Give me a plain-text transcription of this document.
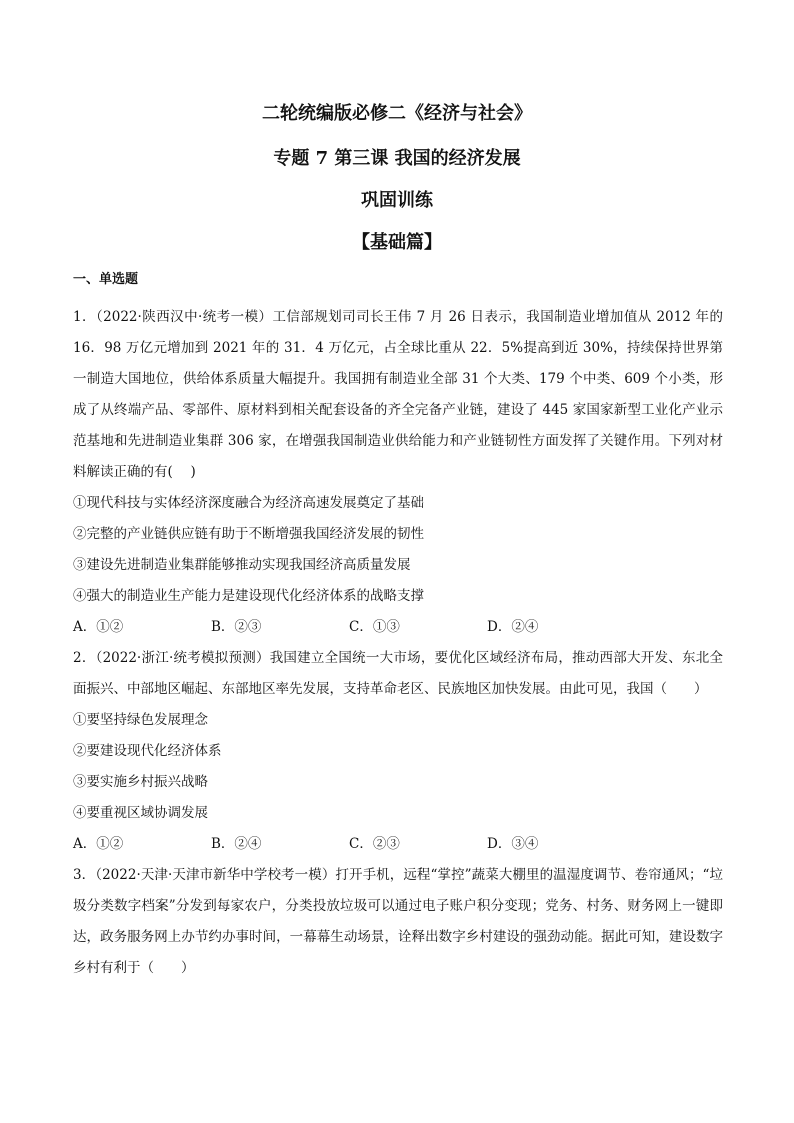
二轮统编版必修二《经济与社会》
专题 7 第三课 我国的经济发展
巩固训练
【基础篇】

一、单选题

1．（2022·陕西汉中·统考一模）工信部规划司司长王伟 7 月 26 日表示，我国制造业增加值从 2012 年的 16．98 万亿元增加到 2021 年的 31．4 万亿元，占全球比重从 22．5%提高到近 30%，持续保持世界第一制造大国地位，供给体系质量大幅提升。我国拥有制造业全部 31 个大类、179 个中类、609 个小类，形成了从终端产品、零部件、原材料到相关配套设备的齐全完备产业链，建设了 445 家国家新型工业化产业示范基地和先进制造业集群 306 家，在增强我国制造业供给能力和产业链韧性方面发挥了关键作用。下列对材料解读正确的有(　 )

①现代科技与实体经济深度融合为经济高速发展奠定了基础

②完整的产业链供应链有助于不断增强我国经济发展的韧性

③建设先进制造业集群能够推动实现我国经济高质量发展

④强大的制造业生产能力是建设现代化经济体系的战略支撑

A．①②	B．②③	C．①③	D．②④

2．（2022·浙江·统考模拟预测）我国建立全国统一大市场，要优化区域经济布局，推动西部大开发、东北全面振兴、中部地区崛起、东部地区率先发展，支持革命老区、民族地区加快发展。由此可见，我国（　　）

①要坚持绿色发展理念

②要建设现代化经济体系

③要实施乡村振兴战略

④要重视区域协调发展

A．①②	B．②④	C．②③	D．③④

3．（2022·天津·天津市新华中学校考一模）打开手机，远程“掌控”蔬菜大棚里的温湿度调节、卷帘通风；“垃圾分类数字档案”分发到每家农户，分类投放垃圾可以通过电子账户积分变现；党务、村务、财务网上一键即达，政务服务网上办节约办事时间，一幕幕生动场景，诠释出数字乡村建设的强劲动能。据此可知，建设数字乡村有利于（　　）
